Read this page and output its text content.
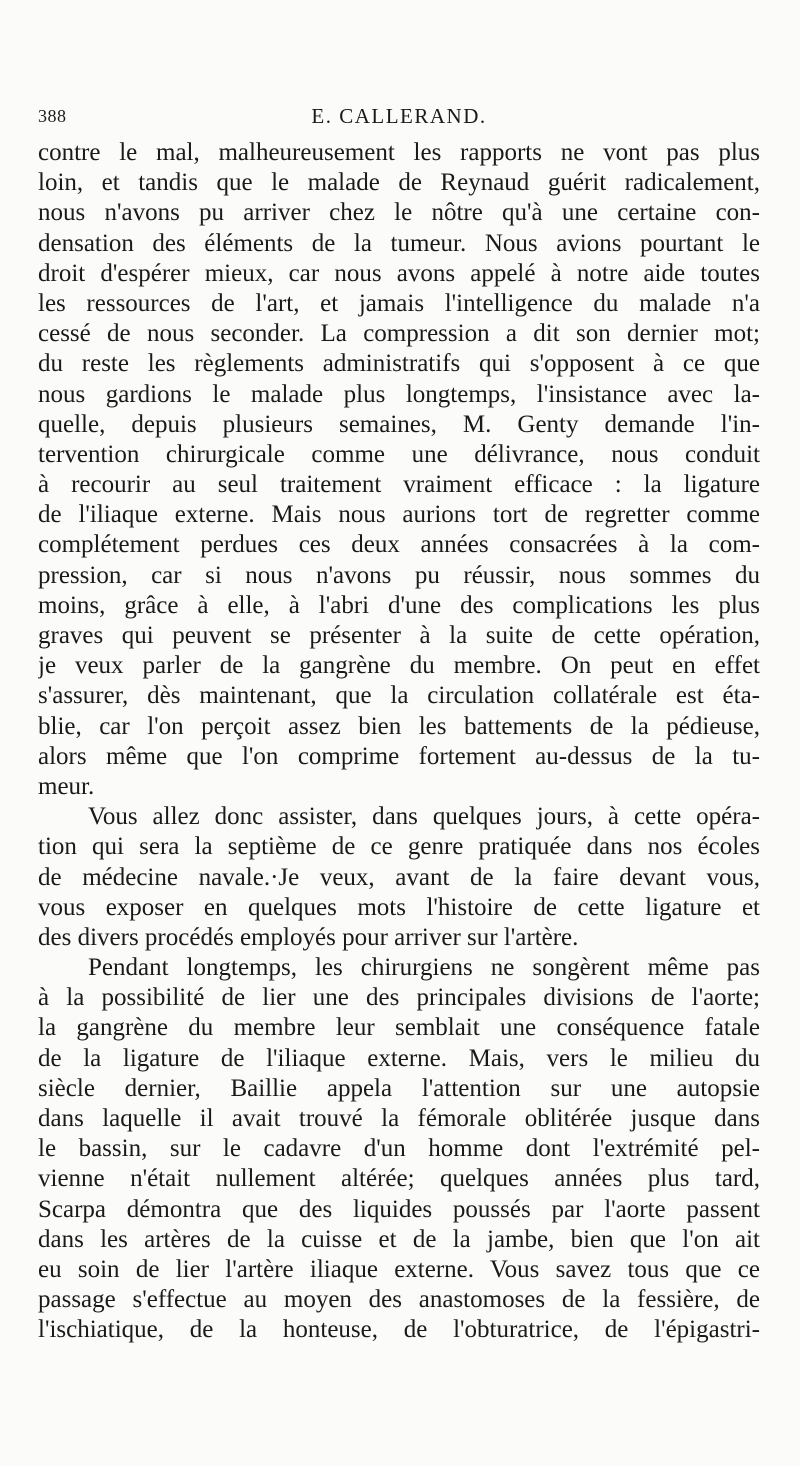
388	E. CALLERAND.
contre le mal, malheureusement les rapports ne vont pas plus
loin, et tandis que le malade de Reynaud guérit radicalement,
nous n'avons pu arriver chez le nôtre qu'à une certaine con-
densation des éléments de la tumeur. Nous avions pourtant le
droit d'espérer mieux, car nous avons appelé à notre aide toutes
les ressources de l'art, et jamais l'intelligence du malade n'a
cessé de nous seconder. La compression a dit son dernier mot;
du reste les règlements administratifs qui s'opposent à ce que
nous gardions le malade plus longtemps, l'insistance avec la-
quelle, depuis plusieurs semaines, M. Genty demande l'in-
tervention chirurgicale comme une délivrance, nous conduit
à recourir au seul traitement vraiment efficace : la ligature
de l'iliaque externe. Mais nous aurions tort de regretter comme
complétement perdues ces deux années consacrées à la com-
pression, car si nous n'avons pu réussir, nous sommes du
moins, grâce à elle, à l'abri d'une des complications les plus
graves qui peuvent se présenter à la suite de cette opération,
je veux parler de la gangrène du membre. On peut en effet
s'assurer, dès maintenant, que la circulation collatérale est éta-
blie, car l'on perçoit assez bien les battements de la pédieuse,
alors même que l'on comprime fortement au-dessus de la tu-
meur.
Vous allez donc assister, dans quelques jours, à cette opéra-
tion qui sera la septième de ce genre pratiquée dans nos écoles
de médecine navale.·Je veux, avant de la faire devant vous,
vous exposer en quelques mots l'histoire de cette ligature et
des divers procédés employés pour arriver sur l'artère.
Pendant longtemps, les chirurgiens ne songèrent même pas
à la possibilité de lier une des principales divisions de l'aorte;
la gangrène du membre leur semblait une conséquence fatale
de la ligature de l'iliaque externe. Mais, vers le milieu du
siècle dernier, Baillie appela l'attention sur une autopsie
dans laquelle il avait trouvé la fémorale oblitérée jusque dans
le bassin, sur le cadavre d'un homme dont l'extrémité pel-
vienne n'était nullement altérée; quelques années plus tard,
Scarpa démontra que des liquides poussés par l'aorte passent
dans les artères de la cuisse et de la jambe, bien que l'on ait
eu soin de lier l'artère iliaque externe. Vous savez tous que ce
passage s'effectue au moyen des anastomoses de la fessière, de
l'ischiatique, de la honteuse, de l'obturatrice, de l'épigastri-
